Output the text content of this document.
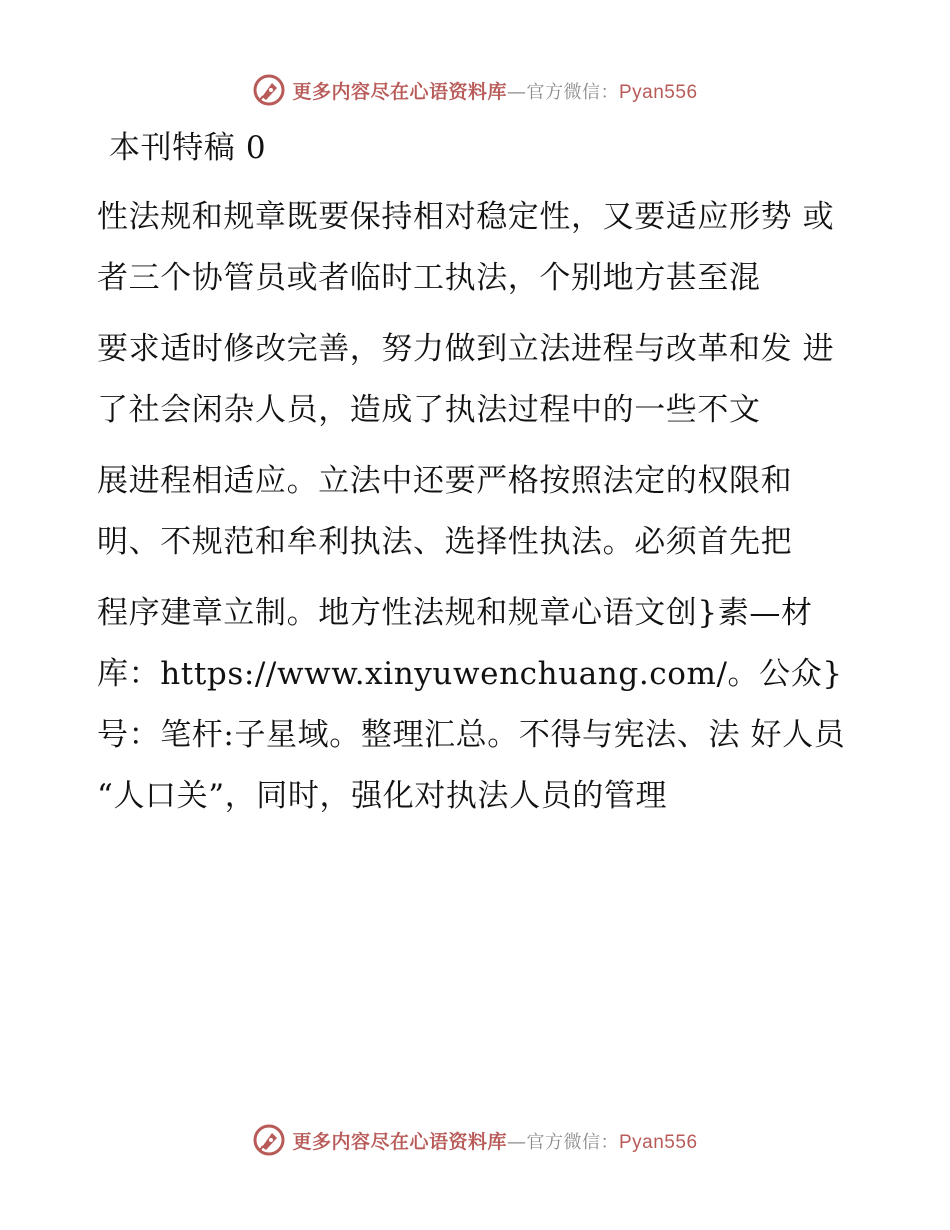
更多内容尽在心语资料库—官方微信：Pyan556

本刊特稿 0

性法规和规章既要保持相对稳定性，又要适应形势 或者三个协管员或者临时工执法，个别地方甚至混

要求适时修改完善，努力做到立法进程与改革和发 进了社会闲杂人员，造成了执法过程中的一些不文

展进程相适应。立法中还要严格按照法定的权限和 明、不规范和牟利执法、选择性执法。必须首先把

程序建章立制。地方性法规和规章心语文创}素—材库：https://www.xinyuwenchuang.com/。公众}号：笔杆:子星域。整理汇总。不得与宪法、法 好人员 “人口关”，同时，强化对执法人员的管理

更多内容尽在心语资料库—官方微信：Pyan556
